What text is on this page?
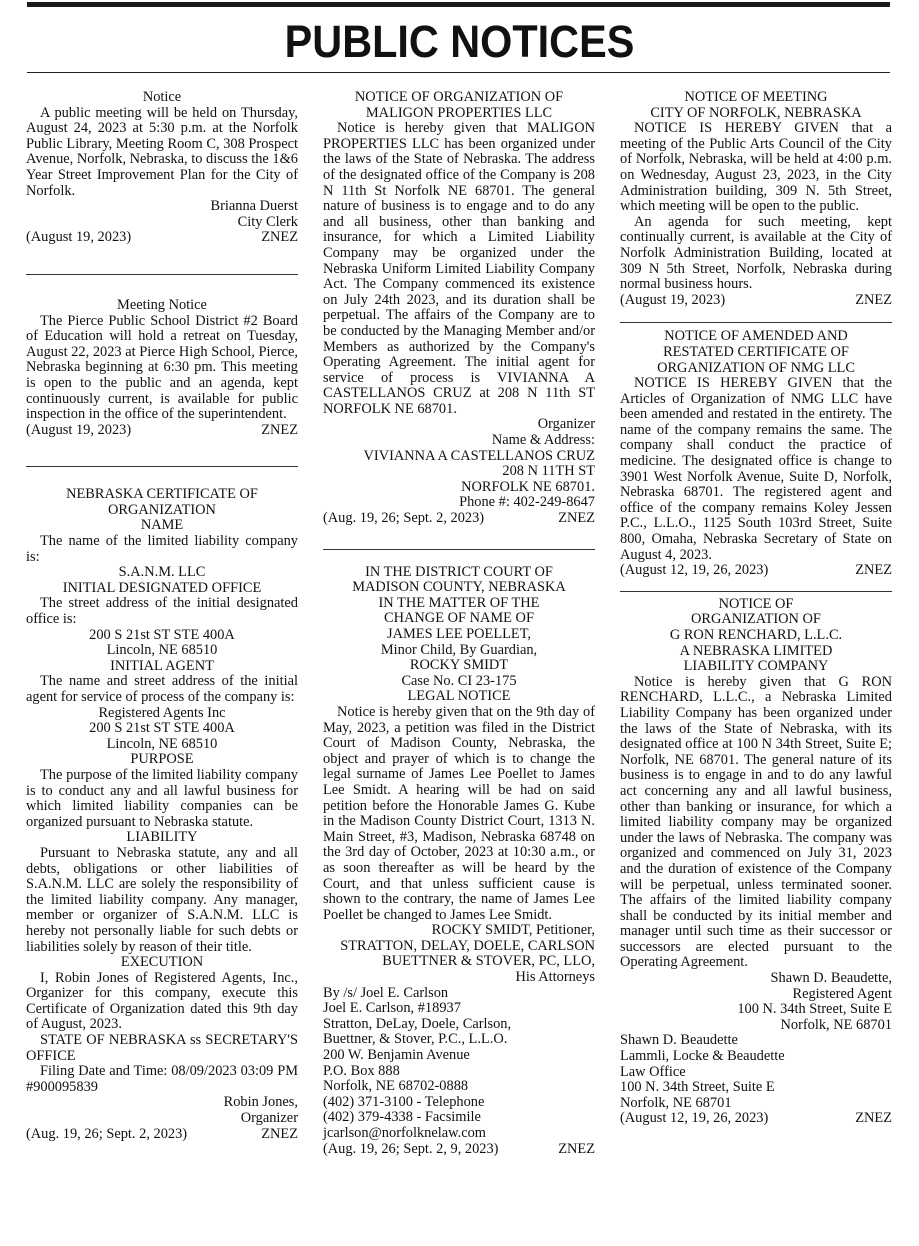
PUBLIC NOTICES
Notice
A public meeting will be held on Thursday, August 24, 2023 at 5:30 p.m. at the Norfolk Public Library, Meeting Room C, 308 Prospect Avenue, Norfolk, Nebraska, to discuss the 1&6 Year Street Improvement Plan for the City of Norfolk.
Brianna Duerst
City Clerk
(August 19, 2023)	ZNEZ
Meeting Notice
The Pierce Public School District #2 Board of Education will hold a retreat on Tuesday, August 22, 2023 at Pierce High School, Pierce, Nebraska beginning at 6:30 pm. This meeting is open to the public and an agenda, kept continuously current, is available for public inspection in the office of the superintendent.
(August 19, 2023)	ZNEZ
NEBRASKA CERTIFICATE OF
ORGANIZATION
NAME
The name of the limited liability company is:
S.A.N.M. LLC
INITIAL DESIGNATED OFFICE
The street address of the initial designated office is:
200 S 21st ST STE 400A
Lincoln, NE 68510
INITIAL AGENT
The name and street address of the initial agent for service of process of the company is:
Registered Agents Inc
200 S 21st ST STE 400A
Lincoln, NE 68510
PURPOSE
The purpose of the limited liability company is to conduct any and all lawful business for which limited liability companies can be organized pursuant to Nebraska statute.
LIABILITY
Pursuant to Nebraska statute, any and all debts, obligations or other liabilities of S.A.N.M. LLC are solely the responsibility of the limited liability company. Any manager, member or organizer of S.A.N.M. LLC is hereby not personally liable for such debts or liabilities solely by reason of their title.
EXECUTION
I, Robin Jones of Registered Agents, Inc., Organizer for this company, execute this Certificate of Organization dated this 9th day of August, 2023.
STATE OF NEBRASKA ss SECRETARY'S OFFICE
Filing Date and Time: 08/09/2023 03:09 PM #900095839
Robin Jones,
Organizer
(Aug. 19, 26; Sept. 2, 2023)	ZNEZ
NOTICE OF ORGANIZATION OF
MALIGON PROPERTIES LLC
Notice is hereby given that MALIGON PROPERTIES LLC has been organized under the laws of the State of Nebraska. The address of the designated office of the Company is 208 N 11th St Norfolk NE 68701. The general nature of business is to engage and to do any and all business, other than banking and insurance, for which a Limited Liability Company may be organized under the Nebraska Uniform Limited Liability Company Act. The Company commenced its existence on July 24th 2023, and its duration shall be perpetual. The affairs of the Company are to be conducted by the Managing Member and/or Members as authorized by the Company's Operating Agreement. The initial agent for service of process is VIVIANNA A CASTELLANOS CRUZ at 208 N 11th ST NORFOLK NE 68701.
Organizer
Name & Address:
VIVIANNA A CASTELLANOS CRUZ
208 N 11TH ST
NORFOLK NE 68701.
Phone #: 402-249-8647
(Aug. 19, 26; Sept. 2, 2023)	ZNEZ
IN THE DISTRICT COURT OF
MADISON COUNTY, NEBRASKA
IN THE MATTER OF THE
CHANGE OF NAME OF
JAMES LEE POELLET,
Minor Child, By Guardian,
ROCKY SMIDT
Case No. CI 23-175
LEGAL NOTICE
Notice is hereby given that on the 9th day of May, 2023, a petition was filed in the District Court of Madison County, Nebraska, the object and prayer of which is to change the legal surname of James Lee Poellet to James Lee Smidt. A hearing will be had on said petition before the Honorable James G. Kube in the Madison County District Court, 1313 N. Main Street, #3, Madison, Nebraska 68748 on the 3rd day of October, 2023 at 10:30 a.m., or as soon thereafter as will be heard by the Court, and that unless sufficient cause is shown to the contrary, the name of James Lee Poellet be changed to James Lee Smidt.
ROCKY SMIDT, Petitioner,
STRATTON, DELAY, DOELE, CARLSON
BUETTNER & STOVER, PC, LLO,
His Attorneys
By /s/ Joel E. Carlson
Joel E. Carlson, #18937
Stratton, DeLay, Doele, Carlson,
Buettner, & Stover, P.C., L.L.O.
200 W. Benjamin Avenue
P.O. Box 888
Norfolk, NE 68702-0888
(402) 371-3100 - Telephone
(402) 379-4338 - Facsimile
jcarlson@norfolknelaw.com
(Aug. 19, 26; Sept. 2, 9, 2023)	ZNEZ
NOTICE OF MEETING
CITY OF NORFOLK, NEBRASKA
NOTICE IS HEREBY GIVEN that a meeting of the Public Arts Council of the City of Norfolk, Nebraska, will be held at 4:00 p.m. on Wednesday, August 23, 2023, in the City Administration building, 309 N. 5th Street, which meeting will be open to the public.
An agenda for such meeting, kept continually current, is available at the City of Norfolk Administration Building, located at 309 N 5th Street, Norfolk, Nebraska during normal business hours.
(August 19, 2023)	ZNEZ
NOTICE OF AMENDED AND
RESTATED CERTIFICATE OF
ORGANIZATION OF NMG LLC
NOTICE IS HEREBY GIVEN that the Articles of Organization of NMG LLC have been amended and restated in the entirety. The name of the company remains the same. The company shall conduct the practice of medicine. The designated office is change to 3901 West Norfolk Avenue, Suite D, Norfolk, Nebraska 68701. The registered agent and office of the company remains Koley Jessen P.C., L.L.O., 1125 South 103rd Street, Suite 800, Omaha, Nebraska Secretary of State on August 4, 2023.
(August 12, 19, 26, 2023)	ZNEZ
NOTICE OF
ORGANIZATION OF
G RON RENCHARD, L.L.C.
A NEBRASKA LIMITED
LIABILITY COMPANY
Notice is hereby given that G RON RENCHARD, L.L.C., a Nebraska Limited Liability Company has been organized under the laws of the State of Nebraska, with its designated office at 100 N 34th Street, Suite E; Norfolk, NE 68701. The general nature of its business is to engage in and to do any lawful act concerning any and all lawful business, other than banking or insurance, for which a limited liability company may be organized under the laws of Nebraska. The company was organized and commenced on July 31, 2023 and the duration of existence of the Company will be perpetual, unless terminated sooner. The affairs of the limited liability company shall be conducted by its initial member and manager until such time as their successor or successors are elected pursuant to the Operating Agreement.
Shawn D. Beaudette,
Registered Agent
100 N. 34th Street, Suite E
Norfolk, NE 68701
Shawn D. Beaudette
Lammli, Locke & Beaudette
Law Office
100 N. 34th Street, Suite E
Norfolk, NE 68701
(August 12, 19, 26, 2023)	ZNEZ
